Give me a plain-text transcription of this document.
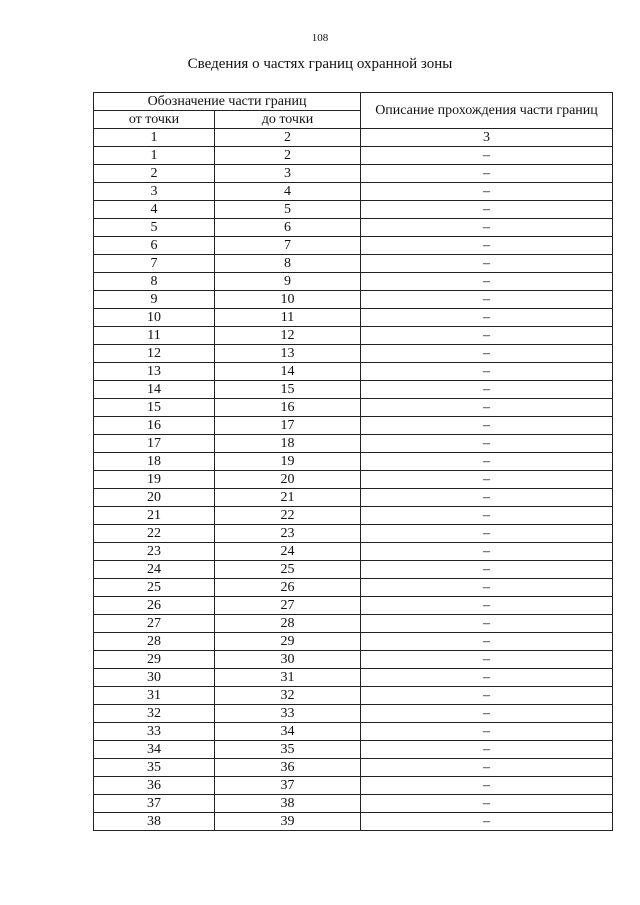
108
Сведения о частях границ охранной зоны
Обозначение части границ		Описание прохождения части границ
от точки	до точки	
1	2	3
1	2	–
2	3	–
3	4	–
4	5	–
5	6	–
6	7	–
7	8	–
8	9	–
9	10	–
10	11	–
11	12	–
12	13	–
13	14	–
14	15	–
15	16	–
16	17	–
17	18	–
18	19	–
19	20	–
20	21	–
21	22	–
22	23	–
23	24	–
24	25	–
25	26	–
26	27	–
27	28	–
28	29	–
29	30	–
30	31	–
31	32	–
32	33	–
33	34	–
34	35	–
35	36	–
36	37	–
37	38	–
38	39	–
